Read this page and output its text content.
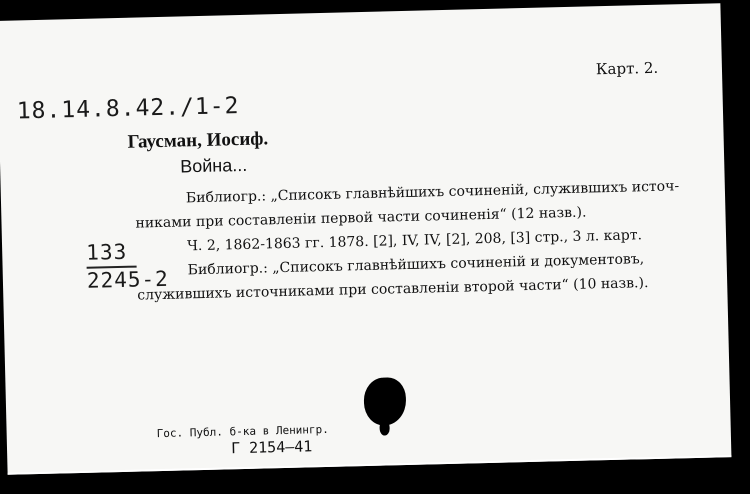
Карт. 2.
18.14.8.42./1-2
Гаусман, Иосиф.
Война...
Библиогр.: „Списокъ главнѣйшихъ сочиненій, служившихъ источ-
никами при составленіи первой части сочиненія“ (12 назв.).
Ч. 2, 1862-1863 гг. 1878. [2], IV, IV, [2], 208, [3] стр., 3 л. карт.
Библиогр.: „Списокъ главнѣйшихъ сочиненій и документовъ,
служившихъ источниками при составленіи второй части“ (10 назв.).
133
2245-2
Гос. Публ. б-ка в Ленингр.
Г 2154—41
